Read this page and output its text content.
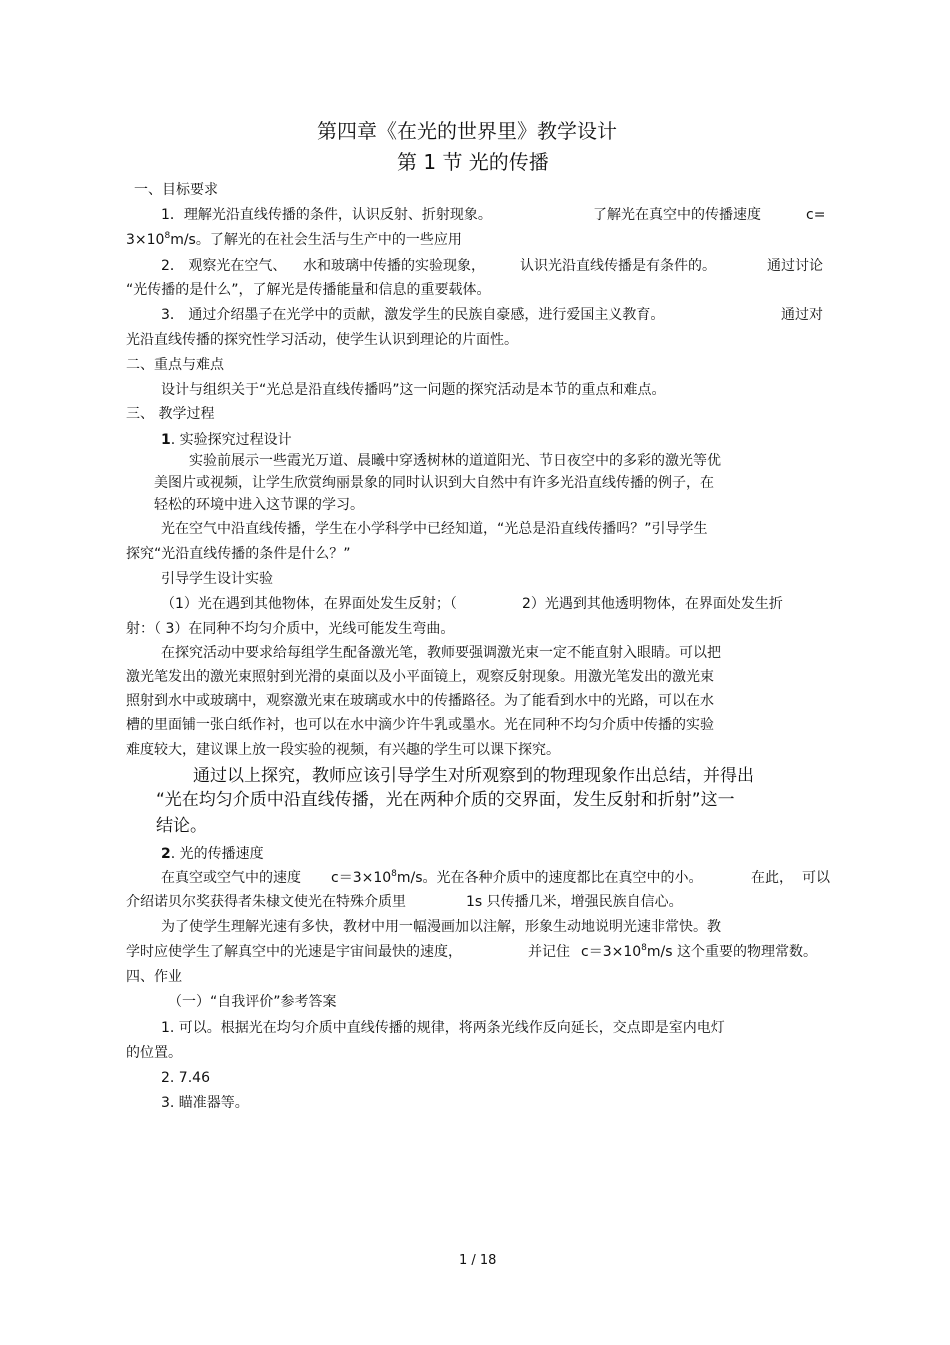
第四章《在光的世界里》教学设计
第 1 节 光的传播
一、目标要求
1．理解光沿直线传播的条件，认识反射、折射现象。	了解光在真空中的传播速度	c=
$3\times 10^8m/s$。了解光的在社会生活与生产中的一些应用
2． 观察光在空气、 水和玻璃中传播的实验现象，	认识光沿直线传播是有条件的。	通过讨论
“光传播的是什么”，了解光是传播能量和信息的重要载体。
3． 通过介绍墨子在光学中的贡献，激发学生的民族自豪感，进行爱国主义教育。	通过对
光沿直线传播的探究性学习活动，使学生认识到理论的片面性。
二、重点与难点
设计与组织关于“光总是沿直线传播吗”这一问题的探究活动是本节的重点和难点。
三、 教学过程
1. 实验探究过程设计
实验前展示一些霞光万道、晨曦中穿透树林的道道阳光、节日夜空中的多彩的激光等优
美图片或视频，让学生欣赏绚丽景象的同时认识到大自然中有许多光沿直线传播的例子，在
轻松的环境中进入这节课的学习。
光在空气中沿直线传播，学生在小学科学中已经知道，“光总是沿直线传播吗？”引导学生
探究“光沿直线传播的条件是什么？”
引导学生设计实验
（1）光在遇到其他物体，在界面处发生反射；（	2）光遇到其他透明物体，在界面处发生折
射：（ 3）在同种不均匀介质中，光线可能发生弯曲。
在探究活动中要求给每组学生配备激光笔，教师要强调激光束一定不能直射入眼睛。可以把
激光笔发出的激光束照射到光滑的桌面以及小平面镜上，观察反射现象。用激光笔发出的激光束
照射到水中或玻璃中，观察激光束在玻璃或水中的传播路径。为了能看到水中的光路，可以在水
槽的里面铺一张白纸作衬，也可以在水中滴少许牛乳或墨水。光在同种不均匀介质中传播的实验
难度较大，建议课上放一段实验的视频，有兴趣的学生可以课下探究。
通过以上探究，教师应该引导学生对所观察到的物理现象作出总结，并得出
“光在均匀介质中沿直线传播，光在两种介质的交界面，发生反射和折射”这一
结论。
2. 光的传播速度
在真空或空气中的速度 $c=3\times 10^8m/s$。光在各种介质中的速度都比在真空中的小。	在此， 可以
介绍诺贝尔奖获得者朱棣文使光在特殊介质里	1s 只传播几米，增强民族自信心。
为了使学生理解光速有多快，教材中用一幅漫画加以注解，形象生动地说明光速非常快。教
学时应使学生了解真空中的光速是宇宙间最快的速度，	并记住 $c=3\times 10^8m/s$ 这个重要的物理常数。
四、作业
（一）“自我评价”参考答案
1. 可以。根据光在均匀介质中直线传播的规律，将两条光线作反向延长，交点即是室内电灯
的位置。
2. 7.46
3. 瞄准器等。
1 / 18
